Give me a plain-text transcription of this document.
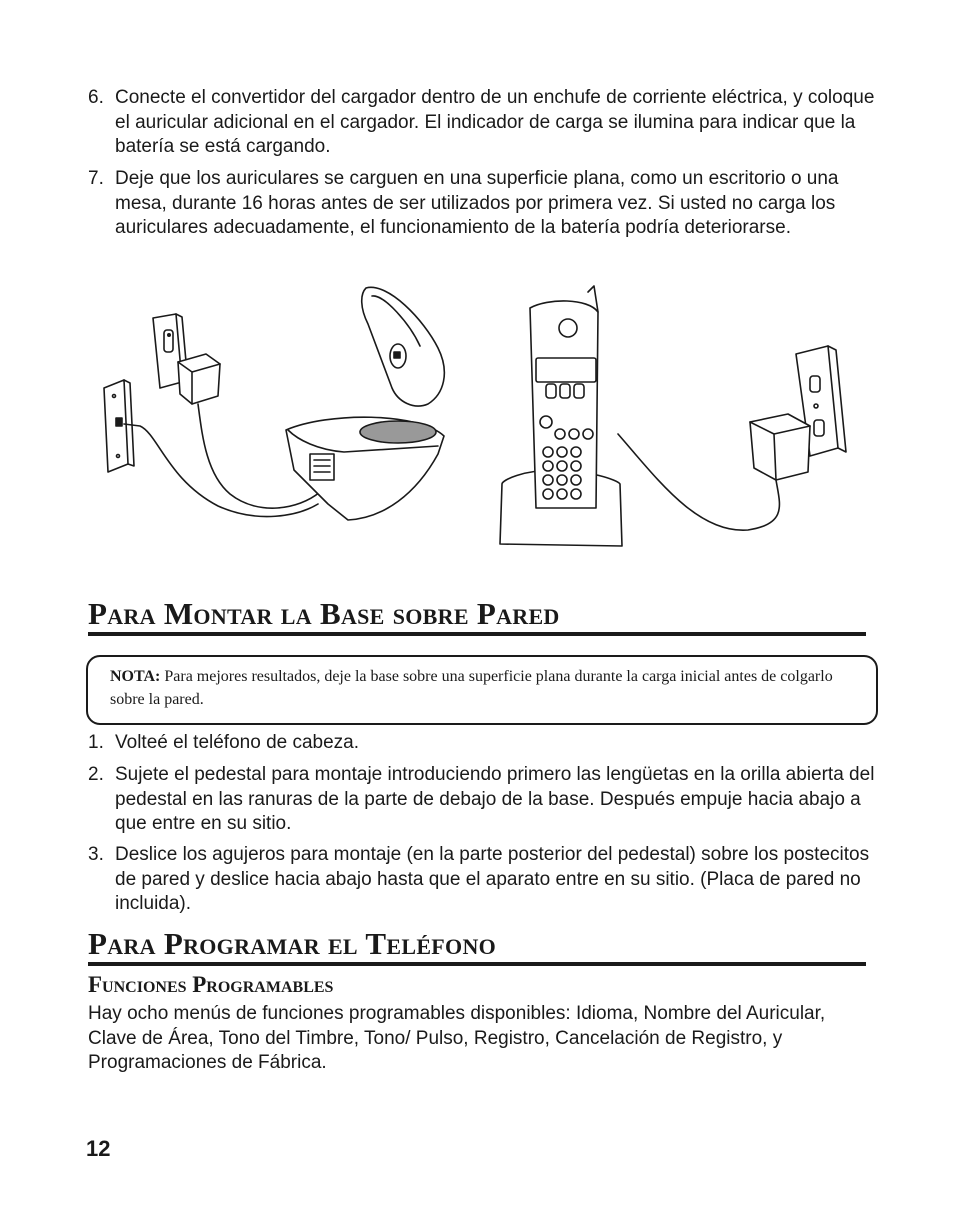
6. Conecte el convertidor del cargador dentro de un enchufe de corriente eléctrica, y coloque el auricular adicional en el cargador. El indicador de carga se ilumina para indicar que la batería se está cargando.
7. Deje que los auriculares se carguen en una superficie plana, como un escritorio o una mesa, durante 16 horas antes de ser utilizados por primera vez. Si usted no carga los auriculares adecuadamente, el funcionamiento de la batería podría deteriorarse.
Para Montar la Base sobre Pared
NOTA: Para mejores resultados, deje la base sobre una superficie plana durante la carga inicial antes de colgarlo sobre la pared.
1. Volteé el teléfono de cabeza.
2. Sujete el pedestal para montaje introduciendo primero las lengüetas en la orilla abierta del pedestal en las ranuras de la parte de debajo de la base. Después empuje hacia abajo a que entre en su sitio.
3. Deslice los agujeros para montaje (en la parte posterior del pedestal) sobre los postecitos de pared y deslice hacia abajo hasta que el aparato entre en su sitio. (Placa de pared no incluida).
Para Programar el Teléfono
Funciones Programables
Hay ocho menús de funciones programables disponibles: Idioma, Nombre del Auricular, Clave de Área, Tono del Timbre, Tono/ Pulso, Registro, Cancelación de Registro, y Programaciones de Fábrica.
12
